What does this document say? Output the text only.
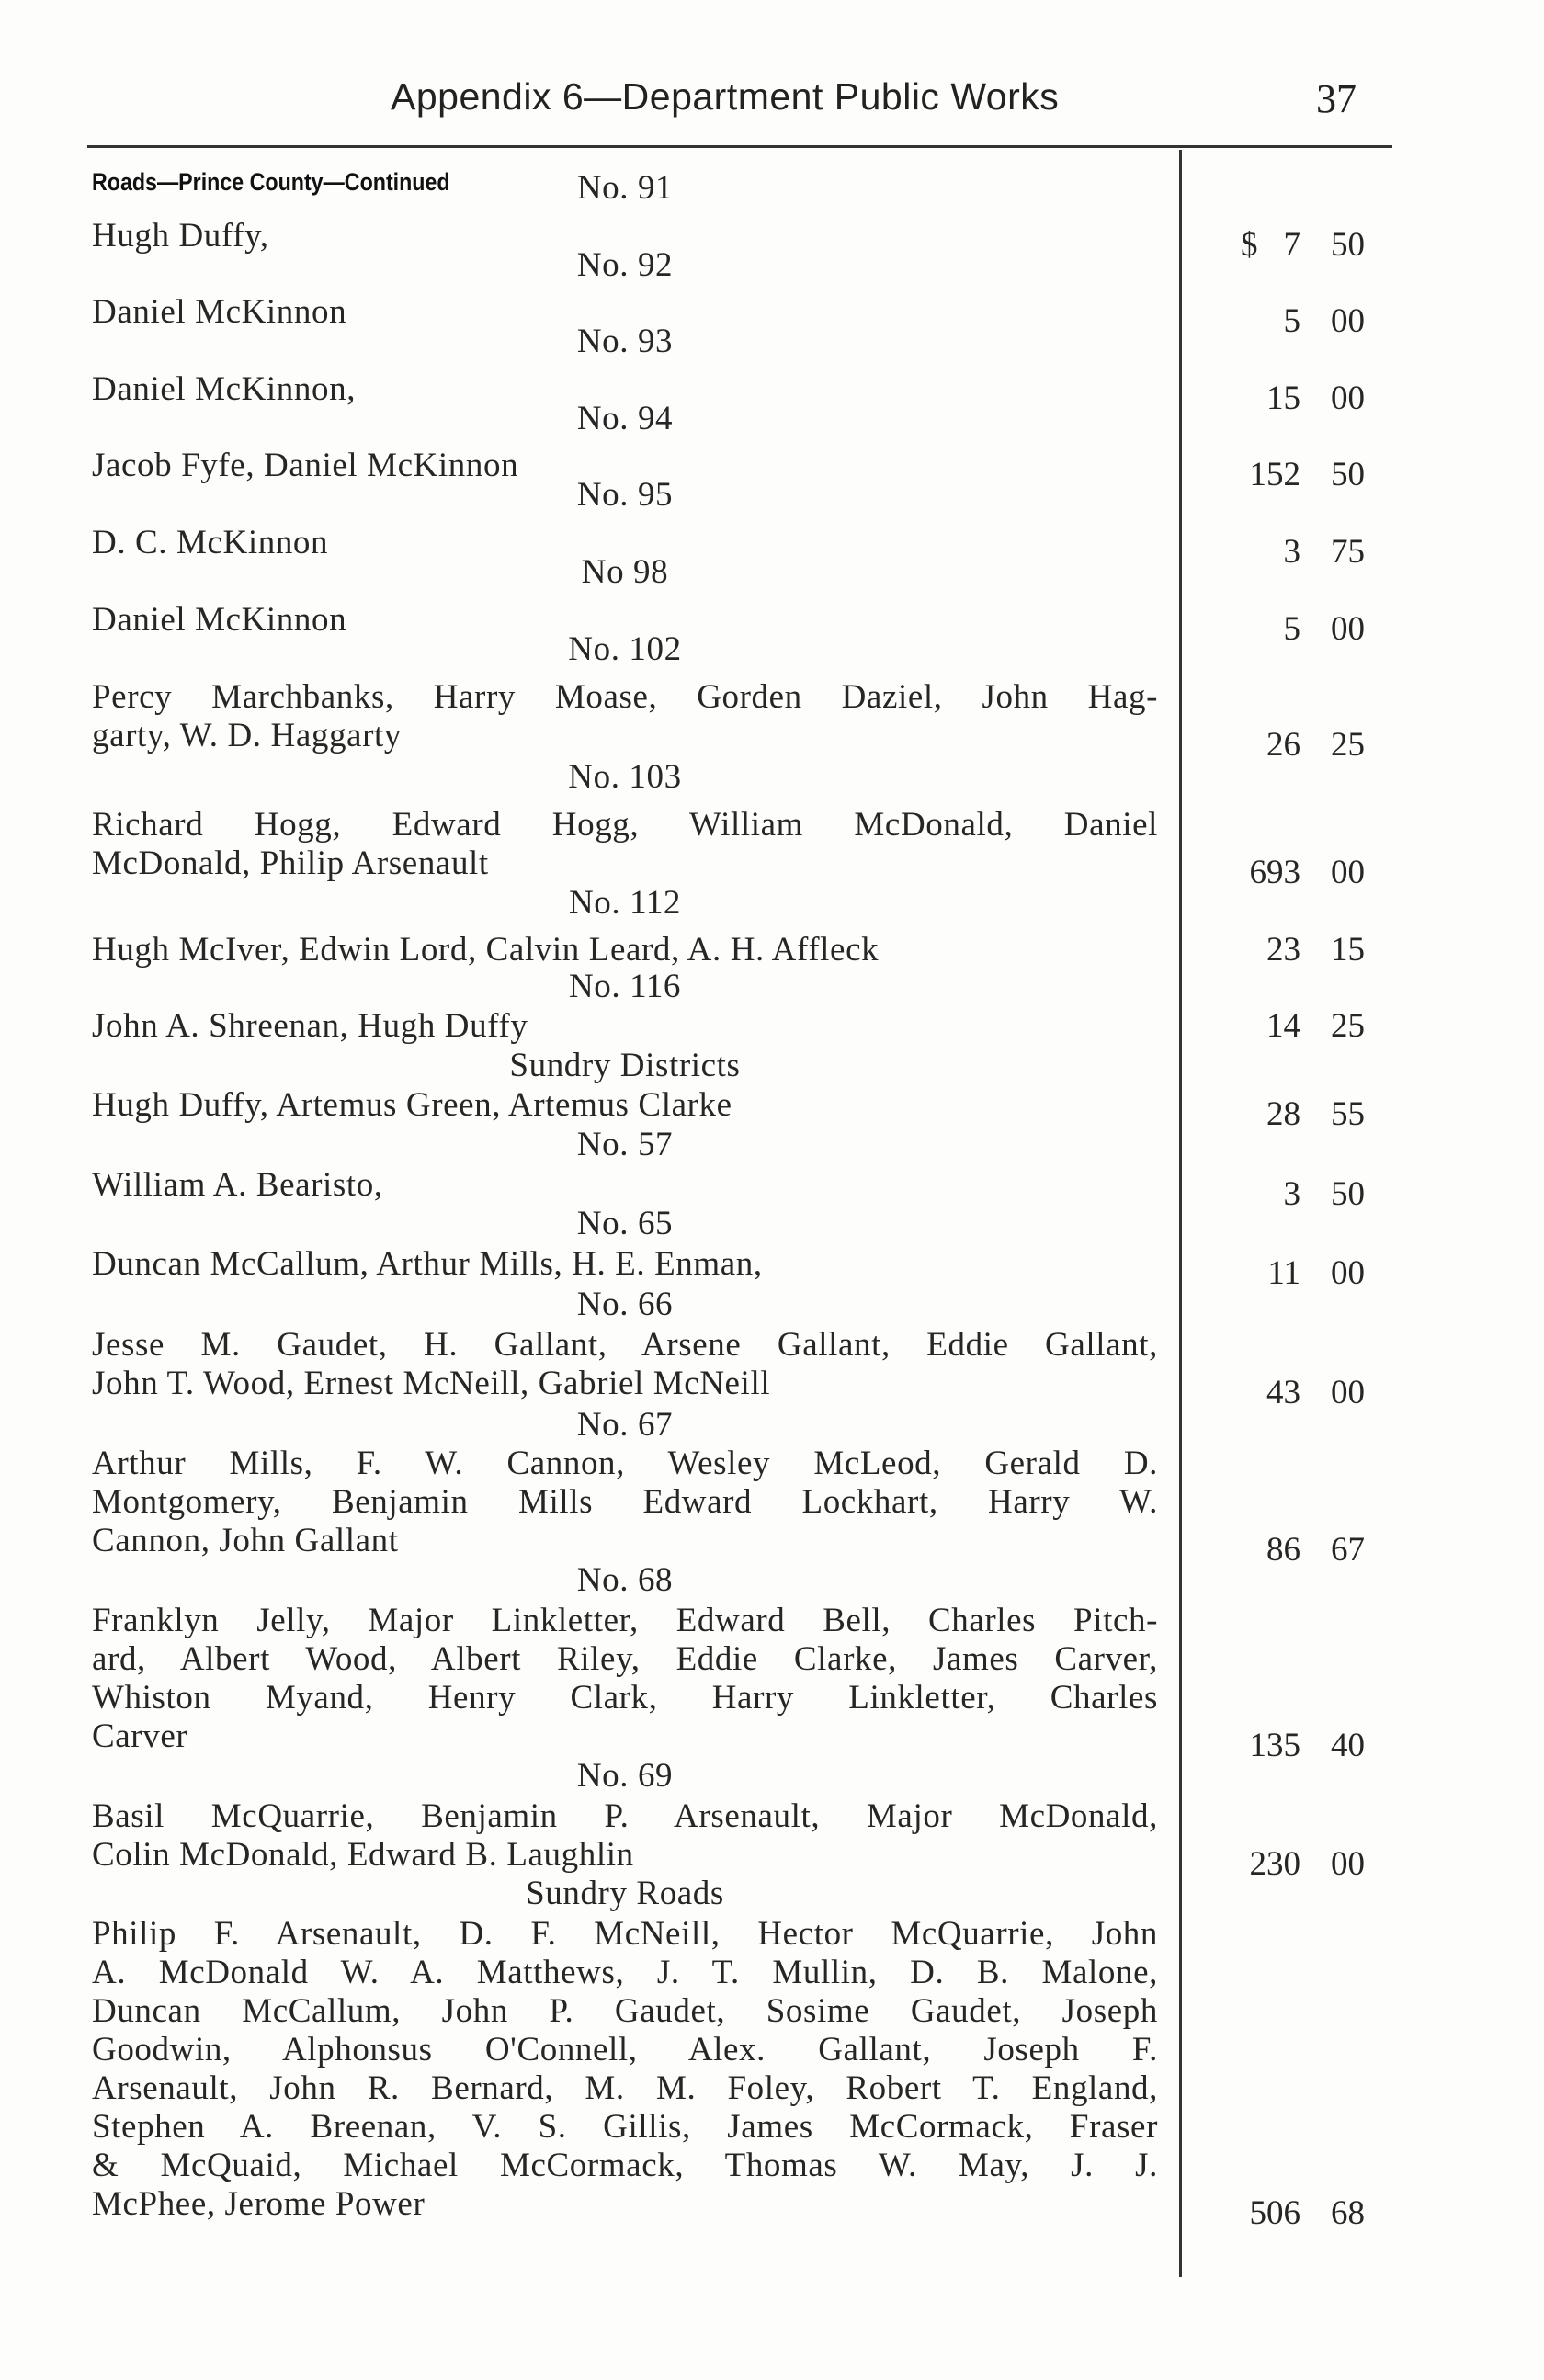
Appendix 6—Department Public Works	37
Roads—Prince County—Continued	No. 91
Hugh Duffy,
No. 92
Daniel McKinnon
No. 93
Daniel McKinnon,
No. 94
Jacob Fyfe, Daniel McKinnon
No. 95
D. C. McKinnon
No 98
Daniel McKinnon
No. 102
Percy Marchbanks, Harry Moase, Gorden Daziel, John Hag-
garty, W. D. Haggarty
No. 103
Richard Hogg, Edward Hogg, William McDonald, Daniel
McDonald, Philip Arsenault
No. 112
Hugh McIver, Edwin Lord, Calvin Leard, A. H. Affleck
No. 116
John A. Shreenan, Hugh Duffy
Sundry Districts
Hugh Duffy, Artemus Green, Artemus Clarke
No. 57
William A. Bearisto,
No. 65
Duncan McCallum, Arthur Mills, H. E. Enman,
No. 66
Jesse M. Gaudet, H. Gallant, Arsene Gallant, Eddie Gallant,
John T. Wood, Ernest McNeill, Gabriel McNeill
No. 67
Arthur Mills, F. W. Cannon, Wesley McLeod, Gerald D.
Montgomery, Benjamin Mills Edward Lockhart, Harry W.
Cannon, John Gallant
No. 68
Franklyn Jelly, Major Linkletter, Edward Bell, Charles Pitch-
ard, Albert Wood, Albert Riley, Eddie Clarke, James Carver,
Whiston Myand, Henry Clark, Harry Linkletter, Charles
Carver
No. 69
Basil McQuarrie, Benjamin P. Arsenault, Major McDonald,
Colin McDonald, Edward B. Laughlin
Sundry Roads
Philip F. Arsenault, D. F. McNeill, Hector McQuarrie, John
A. McDonald W. A. Matthews, J. T. Mullin, D. B. Malone,
Duncan McCallum, John P. Gaudet, Sosime Gaudet, Joseph
Goodwin, Alphonsus O'Connell, Alex. Gallant, Joseph F.
Arsenault, John R. Bernard, M. M. Foley, Robert T. England,
Stephen A. Breenan, V. S. Gillis, James McCormack, Fraser
& McQuaid, Michael McCormack, Thomas W. May, J. J.
McPhee, Jerome Power
$ 7 50
5 00
15 00
152 50
3 75
5 00
26 25
693 00
23 15
14 25
28 55
3 50
11 00
43 00
86 67
135 40
230 00
506 68
